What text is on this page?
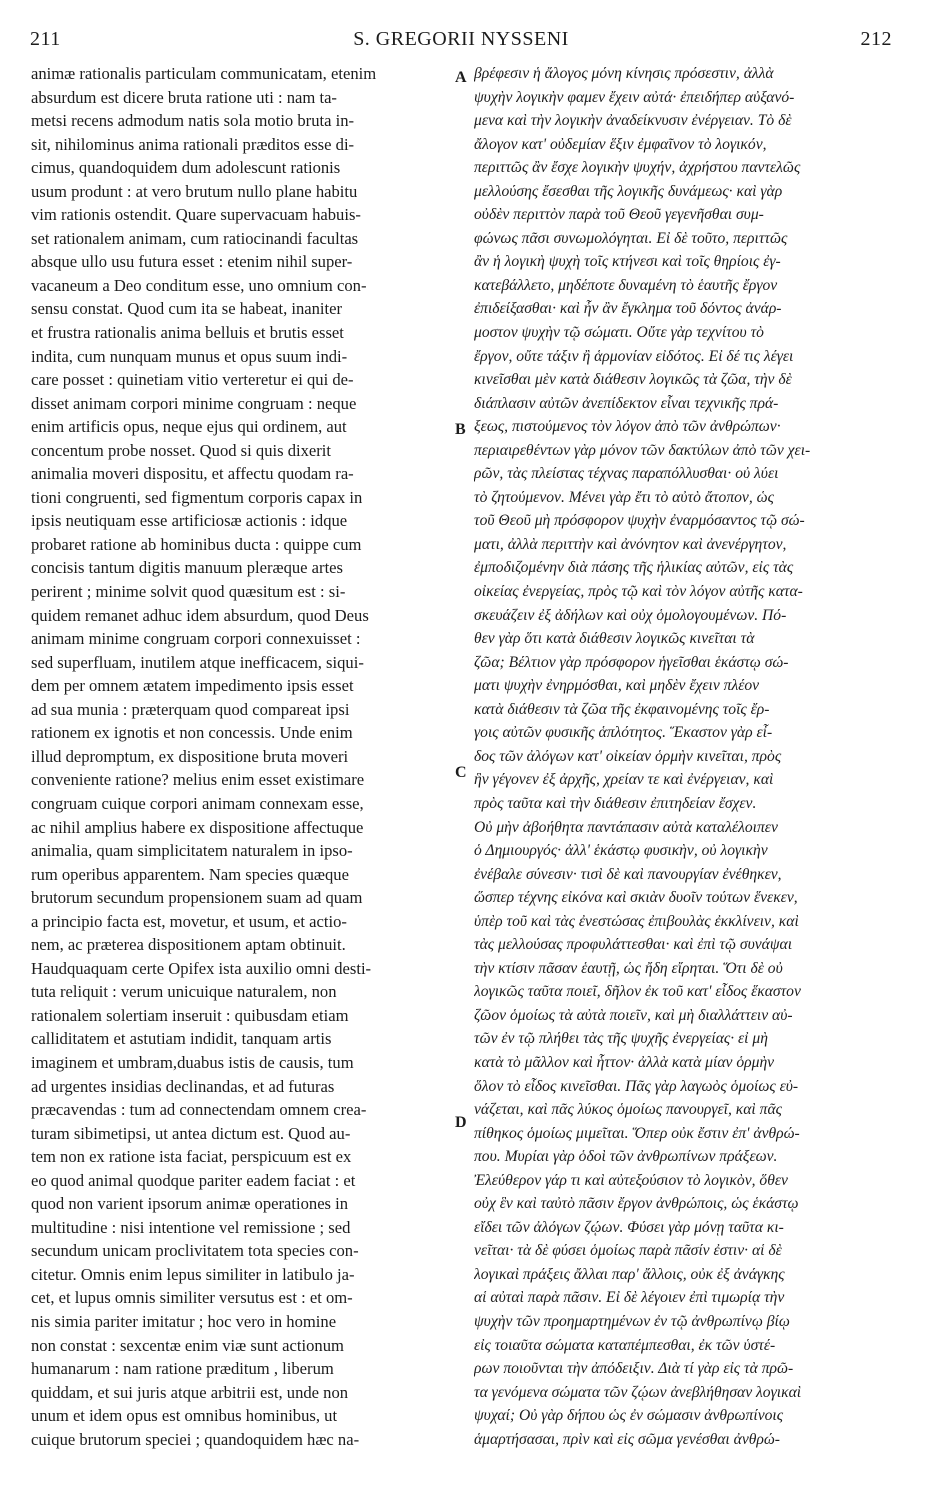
211	S. GREGORII NYSSENI	212
animæ rationalis particulam communicatam, etenim
absurdum est dicere bruta ratione uti : nam ta-
metsi recens admodum natis sola motio bruta in-
sit, nihilominus anima rationali præditos esse di-
cimus, quandoquidem dum adolescunt rationis
usum produnt : at vero brutum nullo plane habitu
vim rationis ostendit. Quare supervacuam habuis-
set rationalem animam, cum ratiocinandi facultas
absque ullo usu futura esset : etenim nihil super-
vacaneum a Deo conditum esse, uno omnium con-
sensu constat. Quod cum ita se habeat, inaniter
et frustra rationalis anima belluis et brutis esset
indita, cum nunquam munus et opus suum indi-
care posset : quinetiam vitio verteretur ei qui de-
disset animam corpori minime congruam : neque
enim artificis opus, neque ejus qui ordinem, aut
concentum probe nosset. Quod si quis dixerit
animalia moveri dispositu, et affectu quodam ra-
tioni congruenti, sed figmentum corporis capax in
ipsis neutiquam esse artificiosæ actionis : idque
probaret ratione ab hominibus ducta : quippe cum
concisis tantum digitis manuum pleræque artes
perirent ; minime solvit quod quæsitum est : si-
quidem remanet adhuc idem absurdum, quod Deus
animam minime congruam corpori connexuisset :
sed superfluam, inutilem atque inefficacem, siqui-
dem per omnem ætatem impedimento ipsis esset
ad sua munia : præterquam quod compareat ipsi
rationem ex ignotis et non concessis. Unde enim
illud depromptum, ex dispositione bruta moveri
conveniente ratione? melius enim esset existimare
congruam cuique corpori animam connexam esse,
ac nihil amplius habere ex dispositione affectuque
animalia, quam simplicitatem naturalem in ipso-
rum operibus apparentem. Nam species quæque
brutorum secundum propensionem suam ad quam
a principio facta est, movetur, et usum, et actio-
nem, ac præterea dispositionem aptam obtinuit.
Haudquaquam certe Opifex ista auxilio omni desti-
tuta reliquit : verum unicuique naturalem, non
rationalem solertiam inseruit : quibusdam etiam
calliditatem et astutiam indidit, tanquam artis
imaginem et umbram,duabus istis de causis, tum
ad urgentes insidias declinandas, et ad futuras
præcavendas : tum ad connectendam omnem crea-
turam sibimetipsi, ut antea dictum est. Quod au-
tem non ex ratione ista faciat, perspicuum est ex
eo quod animal quodque pariter eadem faciat : et
quod non varient ipsorum animæ operationes in
multitudine : nisi intentione vel remissione ; sed
secundum unicam proclivitatem tota species con-
citetur. Omnis enim lepus similiter in latibulo ja-
cet, et lupus omnis similiter versutus est : et om-
nis simia pariter imitatur ; hoc vero in homine
non constat : sexcentæ enim viæ sunt actionum
humanarum : nam ratione præditum , liberum
quiddam, et sui juris atque arbitrii est, unde non
unum et idem opus est omnibus hominibus, ut
cuique brutorum speciei ; quandoquidem hæc na-
A
B
C
D
βρέφεσιν ἡ ἄλογος μόνη κίνησις πρόσεστιν, ἀλλὰ
ψυχὴν λογικὴν φαμεν ἔχειν αὐτά· ἐπειδήπερ αὐξανό-
μενα καὶ τὴν λογικὴν ἀναδείκνυσιν ἐνέργειαν. Τὸ δὲ
ἄλογον κατ' οὐδεμίαν ἕξιν ἐμφαῖνον τὸ λογικόν,
περιττῶς ἂν ἔσχε λογικὴν ψυχήν, ἀχρήστου παντελῶς
μελλούσης ἔσεσθαι τῆς λογικῆς δυνάμεως· καὶ γὰρ
οὐδὲν περιττὸν παρὰ τοῦ Θεοῦ γεγενῆσθαι συμ-
φώνως πᾶσι συνωμολόγηται. Εἰ δὲ τοῦτο, περιττῶς
ἂν ἡ λογικὴ ψυχὴ τοῖς κτήνεσι καὶ τοῖς θηρίοις ἐγ-
κατεβάλλετο, μηδέποτε δυναμένη τὸ ἑαυτῆς ἔργον
ἐπιδείξασθαι· καὶ ἦν ἂν ἔγκλημα τοῦ δόντος ἀνάρ-
μοστον ψυχὴν τῷ σώματι. Οὔτε γὰρ τεχνίτου τὸ
ἔργον, οὔτε τάξιν ἢ ἁρμονίαν εἰδότος. Εἰ δέ τις λέγει
κινεῖσθαι μὲν κατὰ διάθεσιν λογικῶς τὰ ζῶα, τὴν δὲ
διάπλασιν αὐτῶν ἀνεπίδεκτον εἶναι τεχνικῆς πρά-
ξεως, πιστούμενος τὸν λόγον ἀπὸ τῶν ἀνθρώπων·
περιαιρεθέντων γὰρ μόνον τῶν δακτύλων ἀπὸ τῶν χει-
ρῶν, τὰς πλείστας τέχνας παραπόλλυσθαι· οὐ λύει
τὸ ζητούμενον. Μένει γὰρ ἔτι τὸ αὐτὸ ἄτοπον, ὡς
τοῦ Θεοῦ μὴ πρόσφορον ψυχὴν ἐναρμόσαντος τῷ σώ-
ματι, ἀλλὰ περιττὴν καὶ ἀνόνητον καὶ ἀνενέργητον,
ἐμποδιζομένην διὰ πάσης τῆς ἡλικίας αὐτῶν, εἰς τὰς
οἰκείας ἐνεργείας, πρὸς τῷ καὶ τὸν λόγον αὐτῆς κατα-
σκευάζειν ἐξ ἀδήλων καὶ οὐχ ὁμολογουμένων. Πό-
θεν γὰρ ὅτι κατὰ διάθεσιν λογικῶς κινεῖται τὰ
ζῶα; Βέλτιον γὰρ πρόσφορον ἡγεῖσθαι ἑκάστῳ σώ-
ματι ψυχὴν ἐνηρμόσθαι, καὶ μηδὲν ἔχειν πλέον
κατὰ διάθεσιν τὰ ζῶα τῆς ἐκφαινομένης τοῖς ἔρ-
γοις αὐτῶν φυσικῆς ἁπλότητος. Ἕκαστον γὰρ εἶ-
δος τῶν ἀλόγων κατ' οἰκείαν ὁρμὴν κινεῖται, πρὸς
ἣν γέγονεν ἐξ ἀρχῆς, χρείαν τε καὶ ἐνέργειαν, καὶ
πρὸς ταῦτα καὶ τὴν διάθεσιν ἐπιτηδείαν ἔσχεν.
Οὐ μὴν ἀβοήθητα παντάπασιν αὐτὰ καταλέλοιπεν
ὁ Δημιουργός· ἀλλ' ἑκάστῳ φυσικὴν, οὐ λογικὴν
ἐνέβαλε σύνεσιν· τισὶ δὲ καὶ πανουργίαν ἐνέθηκεν,
ὥσπερ τέχνης εἰκόνα καὶ σκιὰν δυοῖν τούτων ἕνεκεν,
ὑπὲρ τοῦ καὶ τὰς ἐνεστώσας ἐπιβουλὰς ἐκκλίνειν, καὶ
τὰς μελλούσας προφυλάττεσθαι· καὶ ἐπὶ τῷ συνάψαι
τὴν κτίσιν πᾶσαν ἑαυτῇ, ὡς ἤδη εἴρηται. Ὅτι δὲ οὐ
λογικῶς ταῦτα ποιεῖ, δῆλον ἐκ τοῦ κατ' εἶδος ἕκαστον
ζῶον ὁμοίως τὰ αὐτὰ ποιεῖν, καὶ μὴ διαλλάττειν αὐ-
τῶν ἐν τῷ πλήθει τὰς τῆς ψυχῆς ἐνεργείας· εἰ μὴ
κατὰ τὸ μᾶλλον καὶ ἧττον· ἀλλὰ κατὰ μίαν ὁρμὴν
ὅλον τὸ εἶδος κινεῖσθαι. Πᾶς γὰρ λαγωὸς ὁμοίως εὐ-
νάζεται, καὶ πᾶς λύκος ὁμοίως πανουργεῖ, καὶ πᾶς
πίθηκος ὁμοίως μιμεῖται. Ὅπερ οὐκ ἔστιν ἐπ' ἀνθρώ-
που. Μυρίαι γὰρ ὁδοὶ τῶν ἀνθρωπίνων πράξεων.
Ἐλεύθερον γάρ τι καὶ αὐτεξούσιον τὸ λογικὸν, ὅθεν
οὐχ ἓν καὶ ταὐτὸ πᾶσιν ἔργον ἀνθρώποις, ὡς ἑκάστῳ
εἴδει τῶν ἀλόγων ζῴων. Φύσει γὰρ μόνῃ ταῦτα κι-
νεῖται· τὰ δὲ φύσει ὁμοίως παρὰ πᾶσίν ἐστιν· αἱ δὲ
λογικαὶ πράξεις ἄλλαι παρ' ἄλλοις, οὐκ ἐξ ἀνάγκης
αἱ αὐταὶ παρὰ πᾶσιν. Εἰ δὲ λέγοιεν ἐπὶ τιμωρίᾳ τὴν
ψυχὴν τῶν προημαρτημένων ἐν τῷ ἀνθρωπίνῳ βίῳ
εἰς τοιαῦτα σώματα καταπέμπεσθαι, ἐκ τῶν ὑστέ-
ρων ποιοῦνται τὴν ἀπόδειξιν. Διὰ τί γὰρ εἰς τὰ πρῶ-
τα γενόμενα σώματα τῶν ζῴων ἀνεβλήθησαν λογικαὶ
ψυχαί; Οὐ γὰρ δήπου ὡς ἐν σώμασιν ἀνθρωπίνοις
ἁμαρτήσασαι, πρὶν καὶ εἰς σῶμα γενέσθαι ἀνθρώ-
